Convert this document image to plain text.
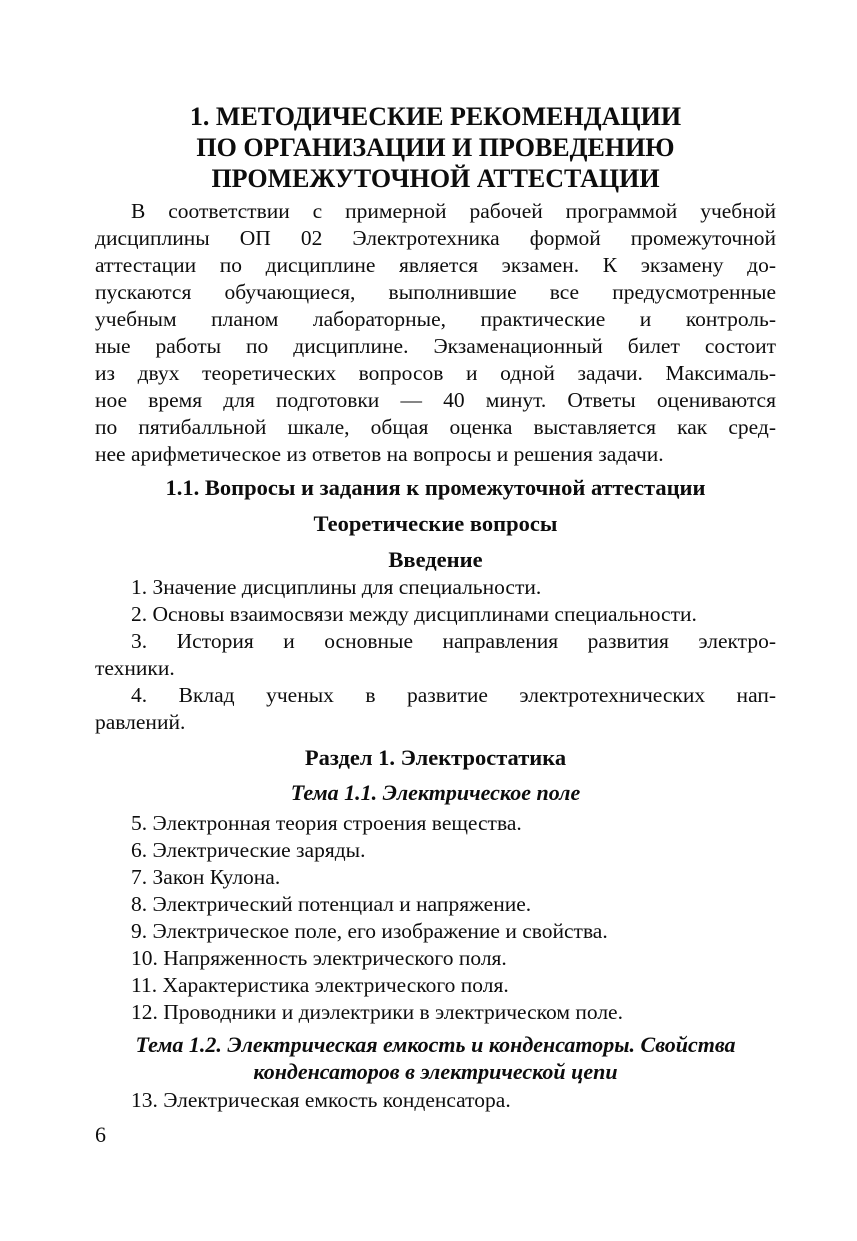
1. МЕТОДИЧЕСКИЕ РЕКОМЕНДАЦИИ
ПО ОРГАНИЗАЦИИ И ПРОВЕДЕНИЮ
ПРОМЕЖУТОЧНОЙ АТТЕСТАЦИИ
В соответствии с примерной рабочей программой учебной
дисциплины ОП 02 Электротехника формой промежуточной
аттестации по дисциплине является экзамен. К экзамену до-
пускаются обучающиеся, выполнившие все предусмотренные
учебным планом лабораторные, практические и контроль-
ные работы по дисциплине. Экзаменационный билет состоит
из двух теоретических вопросов и одной задачи. Максималь-
ное время для подготовки — 40 минут. Ответы оцениваются
по пятибалльной шкале, общая оценка выставляется как сред-
нее арифметическое из ответов на вопросы и решения задачи.
1.1. Вопросы и задания к промежуточной аттестации
Теоретические вопросы
Введение
1. Значение дисциплины для специальности.
2. Основы взаимосвязи между дисциплинами специальности.
3. История и основные направления развития электро-
техники.
4. Вклад ученых в развитие электротехнических нап-
равлений.
Раздел 1. Электростатика
Тема 1.1. Электрическое поле
5. Электронная теория строения вещества.
6. Электрические заряды.
7. Закон Кулона.
8. Электрический потенциал и напряжение.
9. Электрическое поле, его изображение и свойства.
10. Напряженность электрического поля.
11. Характеристика электрического поля.
12. Проводники и диэлектрики в электрическом поле.
Тема 1.2. Электрическая емкость и конденсаторы. Свойства
конденсаторов в электрической цепи
13. Электрическая емкость конденсатора.
6
